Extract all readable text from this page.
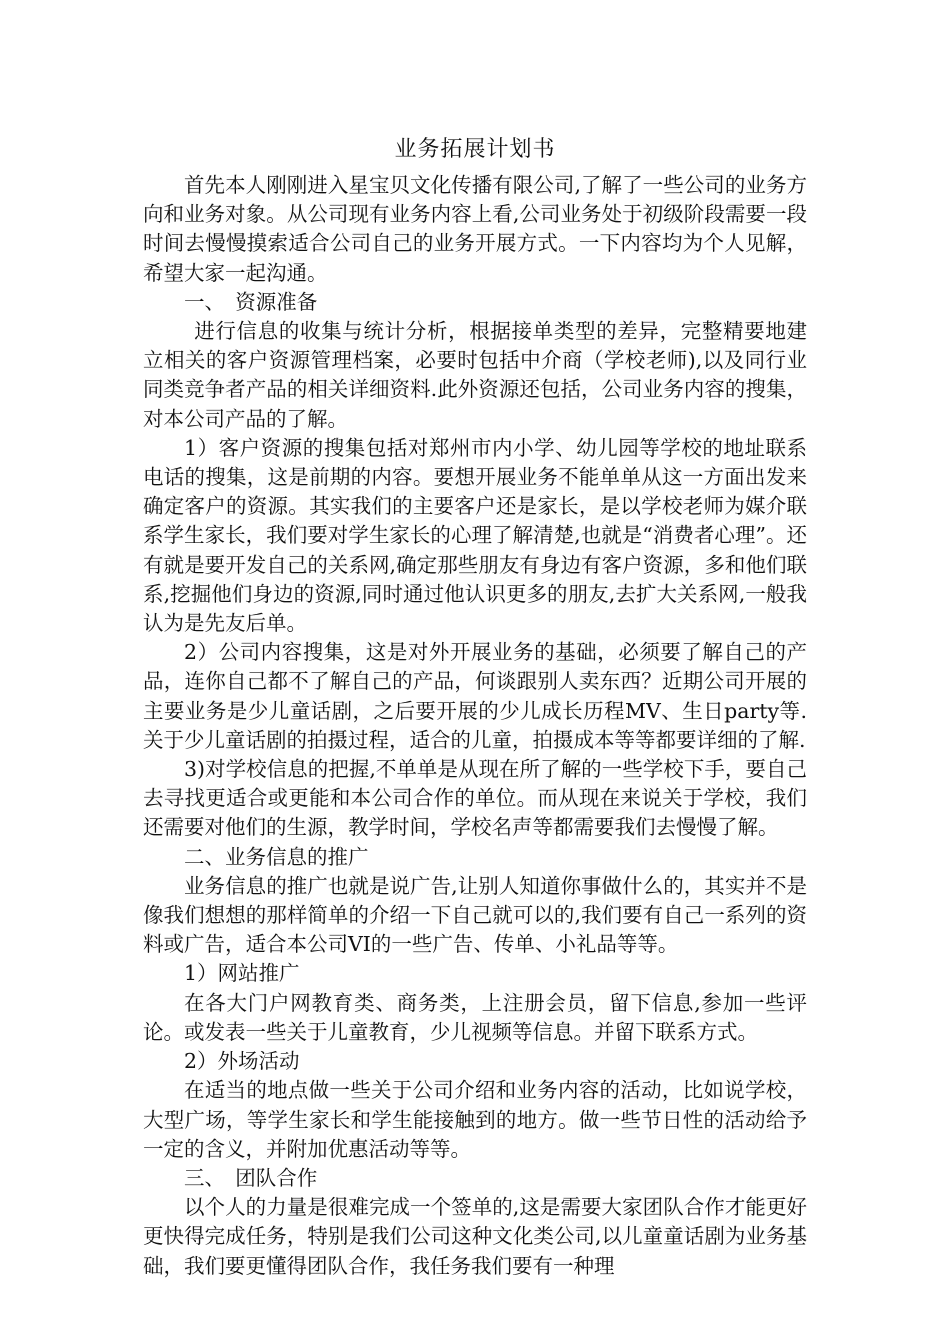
业务拓展计划书

首先本人刚刚进入星宝贝文化传播有限公司,了解了一些公司的业务方向和业务对象。从公司现有业务内容上看,公司业务处于初级阶段需要一段时间去慢慢摸索适合公司自己的业务开展方式。一下内容均为个人见解，希望大家一起沟通。

一、　资源准备

进行信息的收集与统计分析，根据接单类型的差异，完整精要地建立相关的客户资源管理档案，必要时包括中介商（学校老师),以及同行业同类竞争者产品的相关详细资料.此外资源还包括，公司业务内容的搜集，对本公司产品的了解。

1）客户资源的搜集包括对郑州市内小学、幼儿园等学校的地址联系电话的搜集，这是前期的内容。要想开展业务不能单单从这一方面出发来确定客户的资源。其实我们的主要客户还是家长，是以学校老师为媒介联系学生家长，我们要对学生家长的心理了解清楚,也就是“消费者心理”。还有就是要开发自己的关系网,确定那些朋友有身边有客户资源，多和他们联系,挖掘他们身边的资源,同时通过他认识更多的朋友,去扩大关系网,一般我认为是先友后单。

2）公司内容搜集，这是对外开展业务的基础，必须要了解自己的产品，连你自己都不了解自己的产品，何谈跟别人卖东西？近期公司开展的主要业务是少儿童话剧，之后要开展的少儿成长历程MV、生日party等.关于少儿童话剧的拍摄过程，适合的儿童，拍摄成本等等都要详细的了解.

3)对学校信息的把握,不单单是从现在所了解的一些学校下手，要自己去寻找更适合或更能和本公司合作的单位。而从现在来说关于学校，我们还需要对他们的生源，教学时间，学校名声等都需要我们去慢慢了解。

二、业务信息的推广

业务信息的推广也就是说广告,让别人知道你事做什么的，其实并不是像我们想想的那样简单的介绍一下自己就可以的,我们要有自己一系列的资料或广告，适合本公司VI的一些广告、传单、小礼品等等。

1）网站推广

在各大门户网教育类、商务类，上注册会员，留下信息,参加一些评论。或发表一些关于儿童教育，少儿视频等信息。并留下联系方式。

2）外场活动

在适当的地点做一些关于公司介绍和业务内容的活动，比如说学校，大型广场，等学生家长和学生能接触到的地方。做一些节日性的活动给予一定的含义，并附加优惠活动等等。

三、　团队合作

以个人的力量是很难完成一个签单的,这是需要大家团队合作才能更好更快得完成任务，特别是我们公司这种文化类公司,以儿童童话剧为业务基础，我们要更懂得团队合作，我任务我们要有一种理
